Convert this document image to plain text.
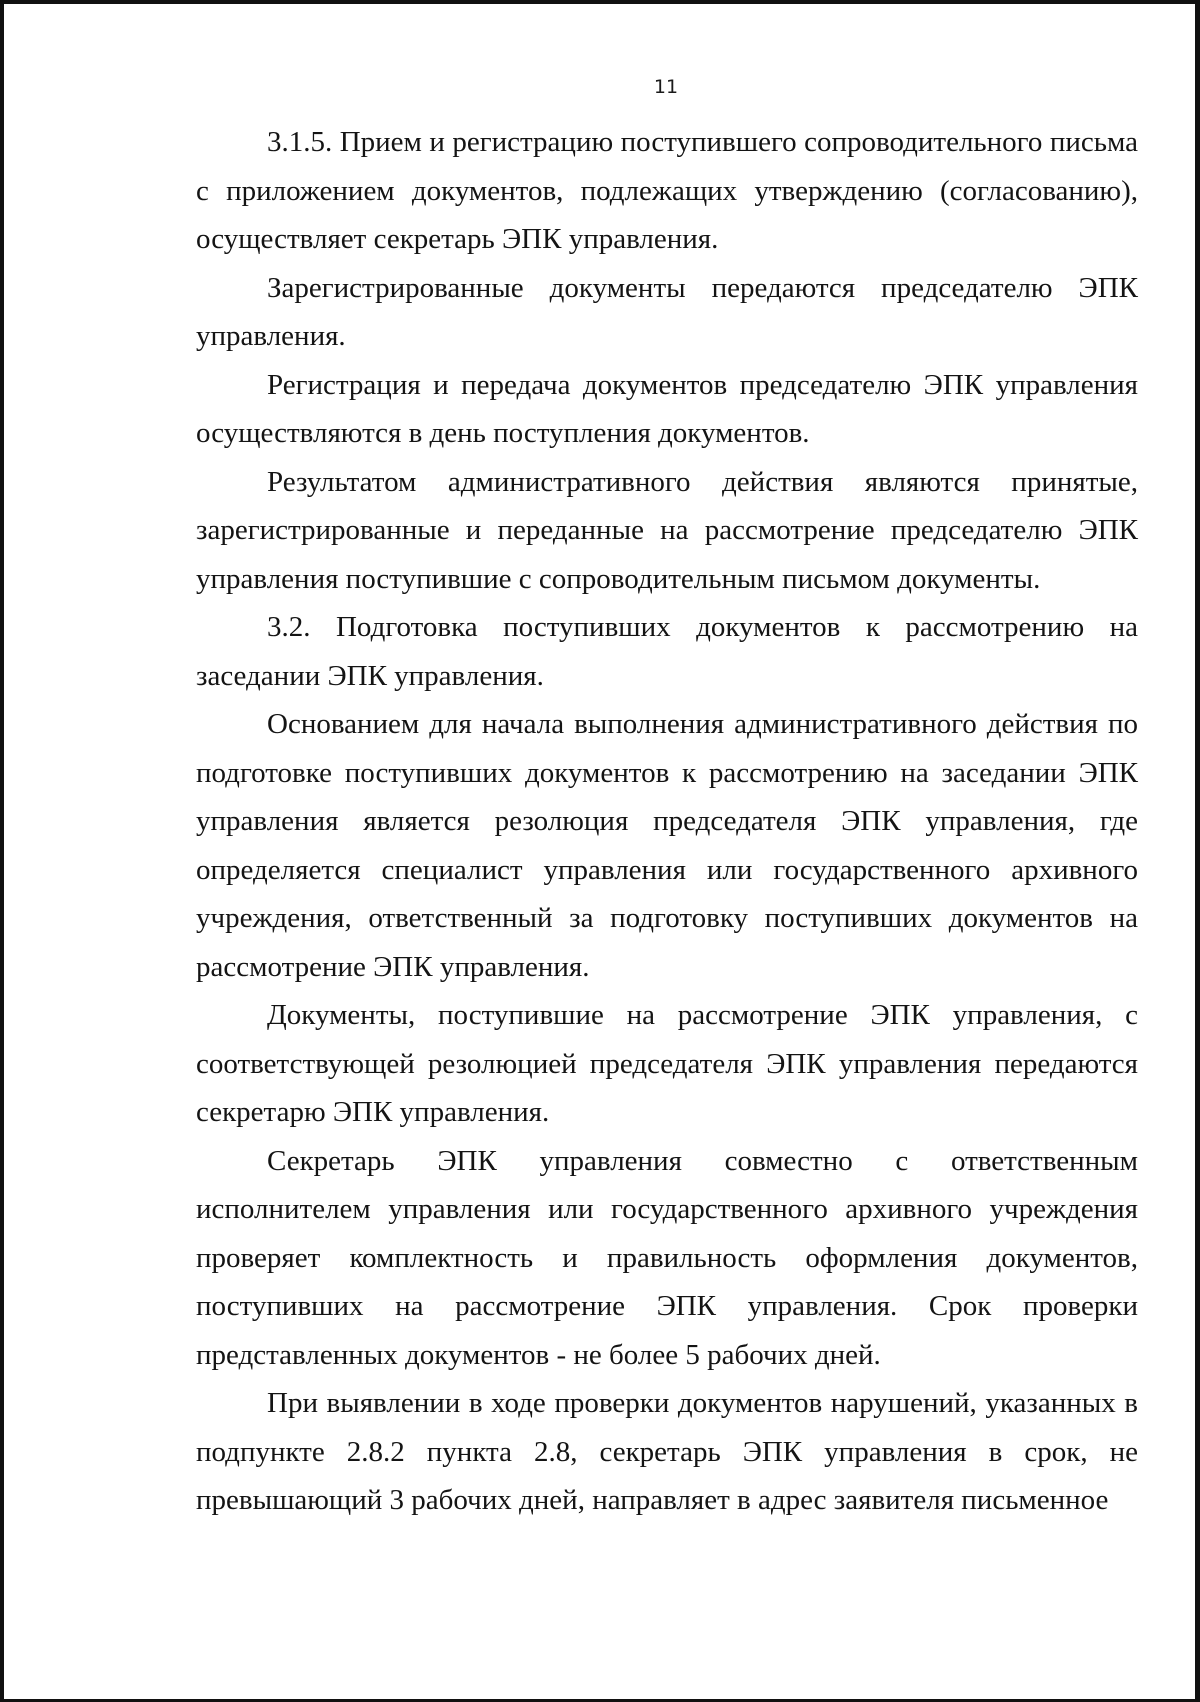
11

3.1.5. Прием и регистрацию поступившего сопроводительного письма с приложением документов, подлежащих утверждению (согласованию), осуществляет секретарь ЭПК управления.

Зарегистрированные документы передаются председателю ЭПК управления.

Регистрация и передача документов председателю ЭПК управления осуществляются в день поступления документов.

Результатом административного действия являются принятые, зарегистрированные и переданные на рассмотрение председателю ЭПК управления поступившие с сопроводительным письмом документы.

3.2. Подготовка поступивших документов к рассмотрению на заседании ЭПК управления.

Основанием для начала выполнения административного действия по подготовке поступивших документов к рассмотрению на заседании ЭПК управления является резолюция председателя ЭПК управления, где определяется специалист управления или государственного архивного учреждения, ответственный за подготовку поступивших документов на рассмотрение ЭПК управления.

Документы, поступившие на рассмотрение ЭПК управления, с соответствующей резолюцией председателя ЭПК управления передаются секретарю ЭПК управления.

Секретарь ЭПК управления совместно с ответственным исполнителем управления или государственного архивного учреждения проверяет комплектность и правильность оформления документов, поступивших на рассмотрение ЭПК управления. Срок проверки представленных документов - не более 5 рабочих дней.

При выявлении в ходе проверки документов нарушений, указанных в подпункте 2.8.2 пункта 2.8, секретарь ЭПК управления в срок, не превышающий 3 рабочих дней, направляет в адрес заявителя письменное
